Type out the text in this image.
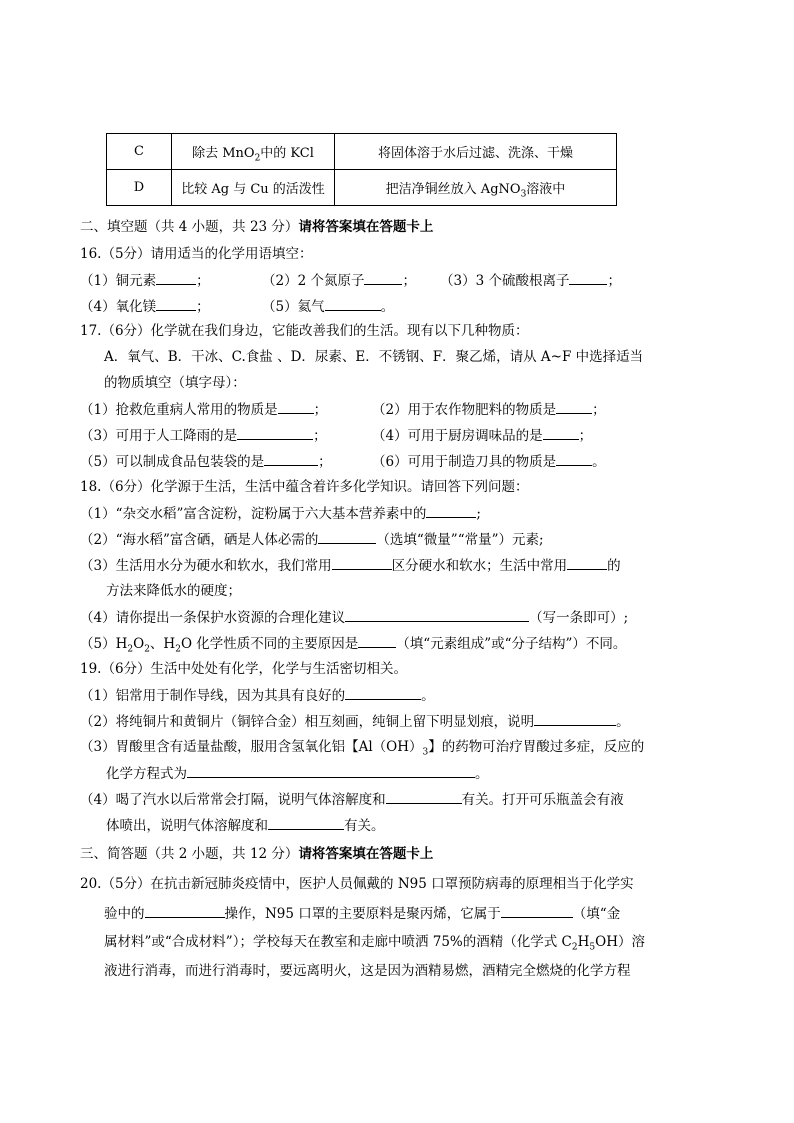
C	除去 MnO$_2$中的 KCl	将固体溶于水后过滤、洗涤、干燥
D	比较 Ag 与 Cu 的活泼性	把洁净铜丝放入 AgNO$_3$溶液中
二、填空题（共 4 小题，共 23 分）请将答案填在答题卡上
16.（5分）请用适当的化学用语填空：
（1）铜元素	；	（2）2 个氮原子	； （3）3 个硫酸根离子	；
（4）氧化镁	；	（5）氦气	。
17.（6分）化学就在我们身边，它能改善我们的生活。现有以下几种物质：
A．氧气、B．干冰、C.食盐 、D．尿素、E．不锈钢、F．聚乙烯，请从 A~F 中选择适当
的物质填空（填字母）：
（1）抢救危重病人常用的物质是	；	（2）用于农作物肥料的物质是	；
（3）可用于人工降雨的是	；	（4）可用于厨房调味品的是	；
（5）可以制成食品包装袋的是	；	（6）可用于制造刀具的物质是	。
18.（6分）化学源于生活，生活中蕴含着许多化学知识。请回答下列问题：
（1）“杂交水稻”富含淀粉，淀粉属于六大基本营养素中的	;
（2）“海水稻”富含硒，硒是人体必需的	（选填“微量”“常量”）元素;
（3）生活用水分为硬水和软水，我们常用	区分硬水和软水；生活中常用	的
方法来降低水的硬度；
（4）请你提出一条保护水资源的合理化建议	（写一条即可）;
$(5)H_2O_2$、$H_2O$ 化学性质不同的主要原因是	（填“元素组成”或“分子结构”）不同。
19.（6分）生活中处处有化学，化学与生活密切相关。
（1）铝常用于制作导线，因为其具有良好的	。
（2）将纯铜片和黄铜片（铜锌合金）相互刻画，纯铜上留下明显划痕，说明	。
（3）胃酸里含有适量盐酸，服用含氢氧化铝【$Al(OH)_3$】的药物可治疗胃酸过多症，反应的
化学方程式为	。
（4）喝了汽水以后常常会打隔，说明气体溶解度和	有关。打开可乐瓶盖会有液
体喷出，说明气体溶解度和	有关。
三、简答题（共 2 小题，共 12 分）请将答案填在答题卡上
20.（5分）在抗击新冠肺炎疫情中，医护人员佩戴的 N95 口罩预防病毒的原理相当于化学实
验中的	操作，N95 口罩的主要原料是聚丙烯，它属于	（填“金
属材料”或“合成材料”）；学校每天在教室和走廊中喷洒 75%的酒精（化学式 $C_2H_5OH$）溶
液进行消毒，而进行消毒时，要远离明火，这是因为酒精易燃，酒精完全燃烧的化学方程
